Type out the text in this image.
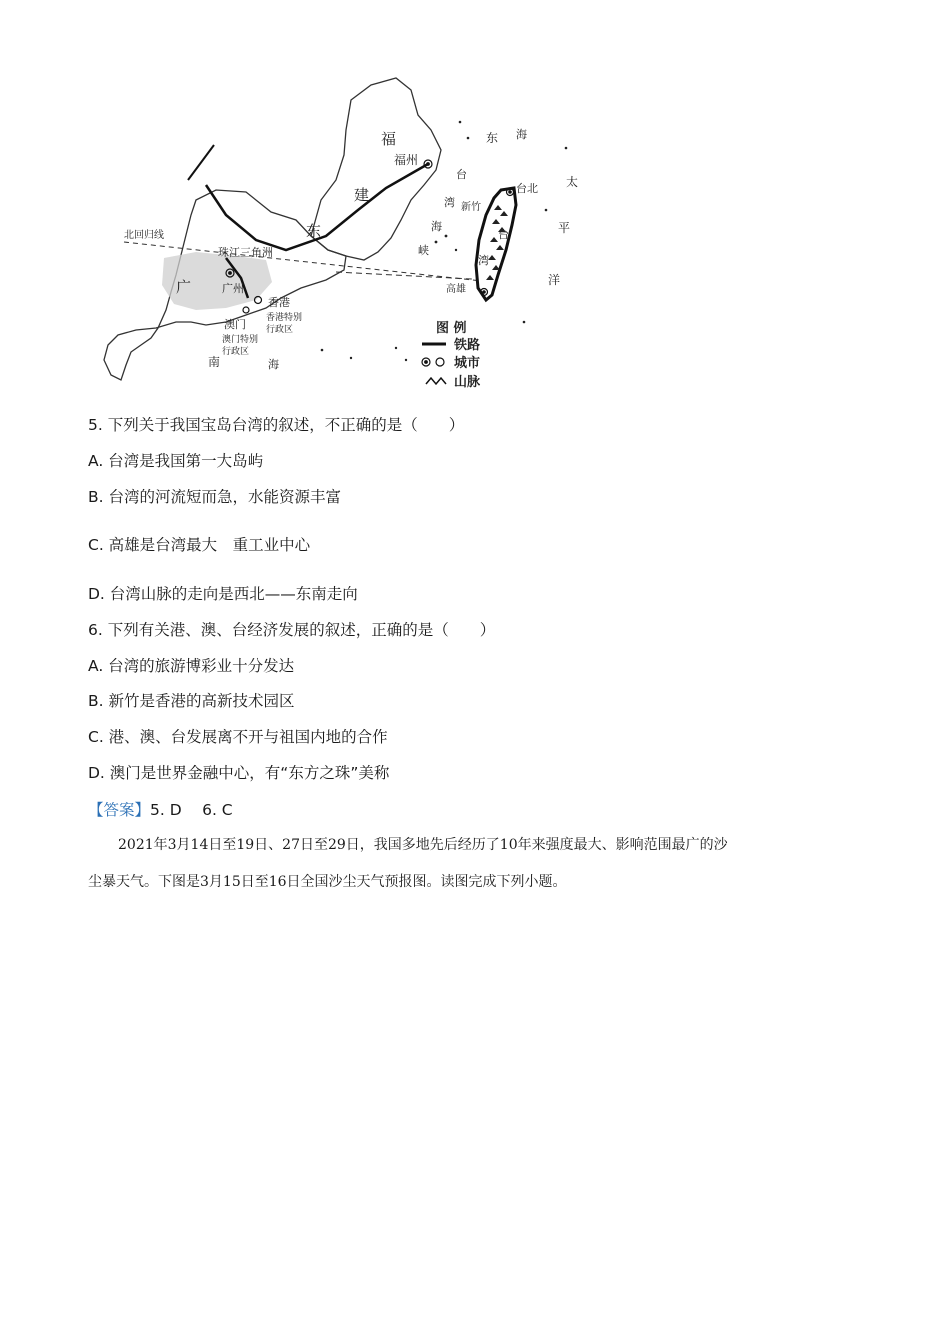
福
福州
建
东 海
太
平
洋
台
湾
海
峡
台北
新竹
高雄
台
湾
北回归线
珠江三角洲
广
东
广州
香港
香港特别
行政区
澳门
澳门特别
行政区
南	海
图 例
铁路
城市
山脉
5. 下列关于我国宝岛台湾的叙述，不正确的是（　　）
A. 台湾是我国第一大岛屿
B. 台湾的河流短而急，水能资源丰富
C. 高雄是台湾最大　重工业中心
D. 台湾山脉的走向是西北——东南走向
6. 下列有关港、澳、台经济发展的叙述，正确的是（　　）
A. 台湾的旅游博彩业十分发达
B. 新竹是香港的高新技术园区
C. 港、澳、台发展离不开与祖国内地的合作
D. 澳门是世界金融中心，有“东方之珠”美称
【答案】5. D　 6. C
2021年3月14日至19日、27日至29日，我国多地先后经历了10年来强度最大、影响范围最广的沙
尘暴天气。下图是3月15日至16日全国沙尘天气预报图。读图完成下列小题。
